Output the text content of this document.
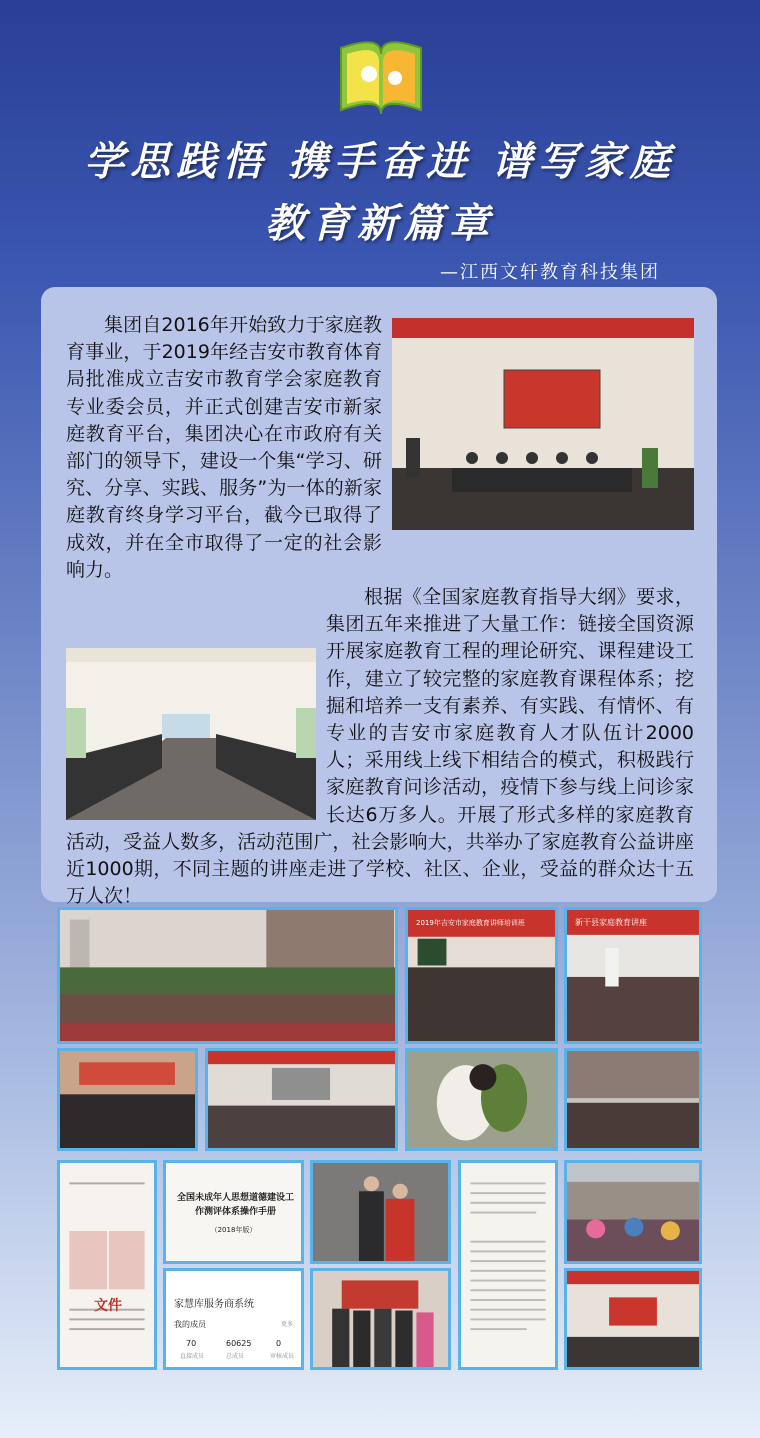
学思践悟 携手奋进 谱写家庭
教育新篇章
—江西文轩教育科技集团

集团自2016年开始致力于家庭教育事业，于2019年经吉安市教育体育局批准成立吉安市教育学会家庭教育专业委会员，并正式创建吉安市新家庭教育平台，集团决心在市政府有关部门的领导下，建设一个集“学习、研究、分享、实践、服务”为一体的新家庭教育终身学习平台，截今已取得了成效，并在全市取得了一定的社会影响力。

根据《全国家庭教育指导大纲》要求，集团五年来推进了大量工作：链接全国资源开展家庭教育工程的理论研究、课程建设工作，建立了较完整的家庭教育课程体系；挖掘和培养一支有素养、有实践、有情怀、有专业的吉安市家庭教育人才队伍计2000人；采用线上线下相结合的模式，积极践行家庭教育问诊活动，疫情下参与线上问诊家长达6万多人。开展了形式多样的家庭教育活动，受益人数多，活动范围广，社会影响大，共举办了家庭教育公益讲座近1000期，不同主题的讲座走进了学校、社区、企业，受益的群众达十五万人次！

2019年吉安市家庭教育讲师培训班	新干县家庭教育讲座
文件
全国未成年人思想道德建设工作测评体系操作手册
（2018年版）
家慧库服务商系统
我的成员	更多
70
直接成员
60625
总成员
0
审核成员
